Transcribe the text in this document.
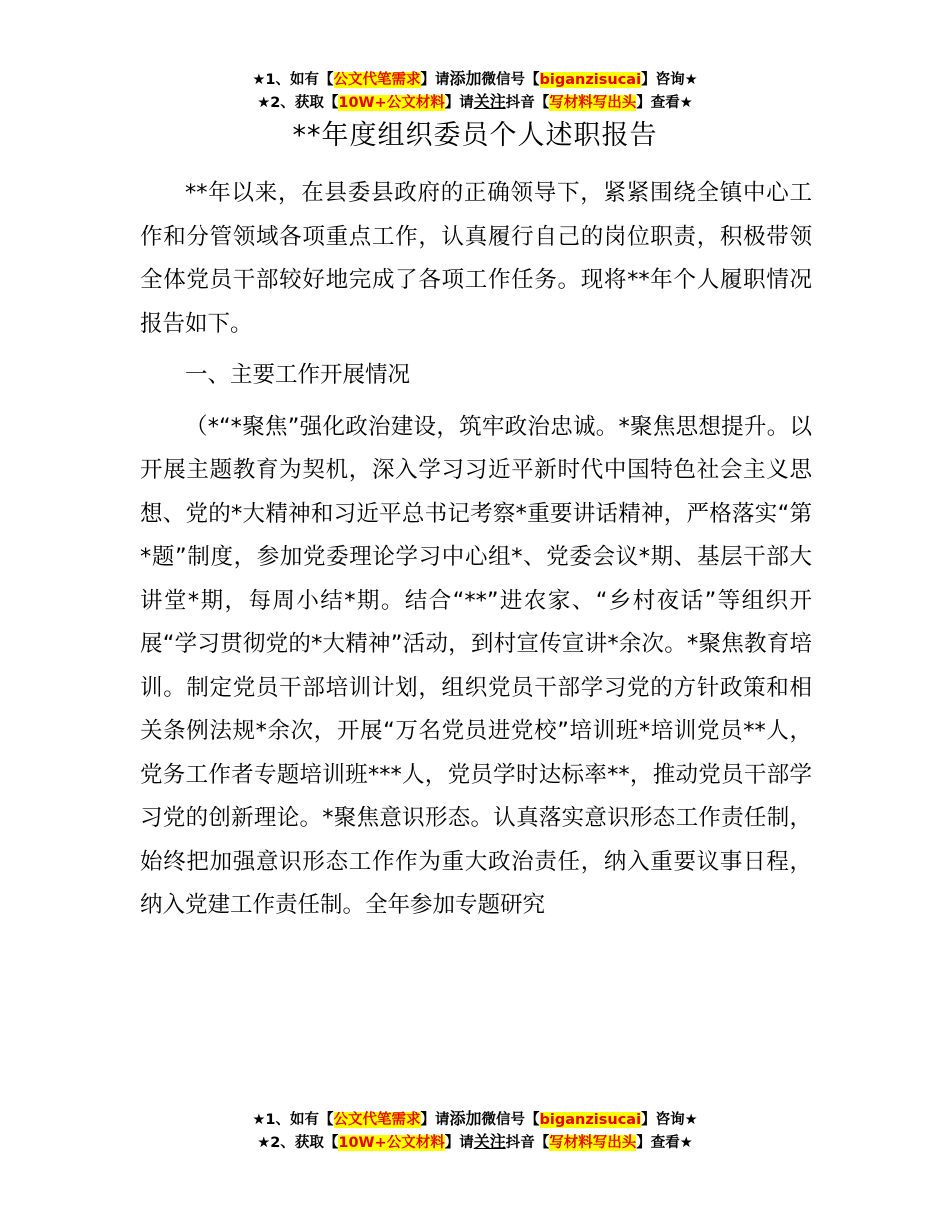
★1、如有【公文代笔需求】请添加微信号【biganzisucai】咨询★
★2、获取【10W+公文材料】请关注抖音【写材料写出头】查看★
**年度组织委员个人述职报告

**年以来，在县委县政府的正确领导下，紧紧围绕全镇中心工作和分管领域各项重点工作，认真履行自己的岗位职责，积极带领全体党员干部较好地完成了各项工作任务。现将**年个人履职情况报告如下。

一、主要工作开展情况

（*“*聚焦”强化政治建设，筑牢政治忠诚。*聚焦思想提升。以开展主题教育为契机，深入学习习近平新时代中国特色社会主义思想、党的*大精神和习近平总书记考察*重要讲话精神，严格落实“第*题”制度，参加党委理论学习中心组*、党委会议*期、基层干部大讲堂*期，每周小结*期。结合“**”进农家、“乡村夜话”等组织开展“学习贯彻党的*大精神”活动，到村宣传宣讲*余次。*聚焦教育培训。制定党员干部培训计划，组织党员干部学习党的方针政策和相关条例法规*余次，开展“万名党员进党校”培训班*培训党员**人，党务工作者专题培训班***人，党员学时达标率**，推动党员干部学习党的创新理论。*聚焦意识形态。认真落实意识形态工作责任制，始终把加强意识形态工作作为重大政治责任，纳入重要议事日程，纳入党建工作责任制。全年参加专题研究

★1、如有【公文代笔需求】请添加微信号【biganzisucai】咨询★
★2、获取【10W+公文材料】请关注抖音【写材料写出头】查看★
